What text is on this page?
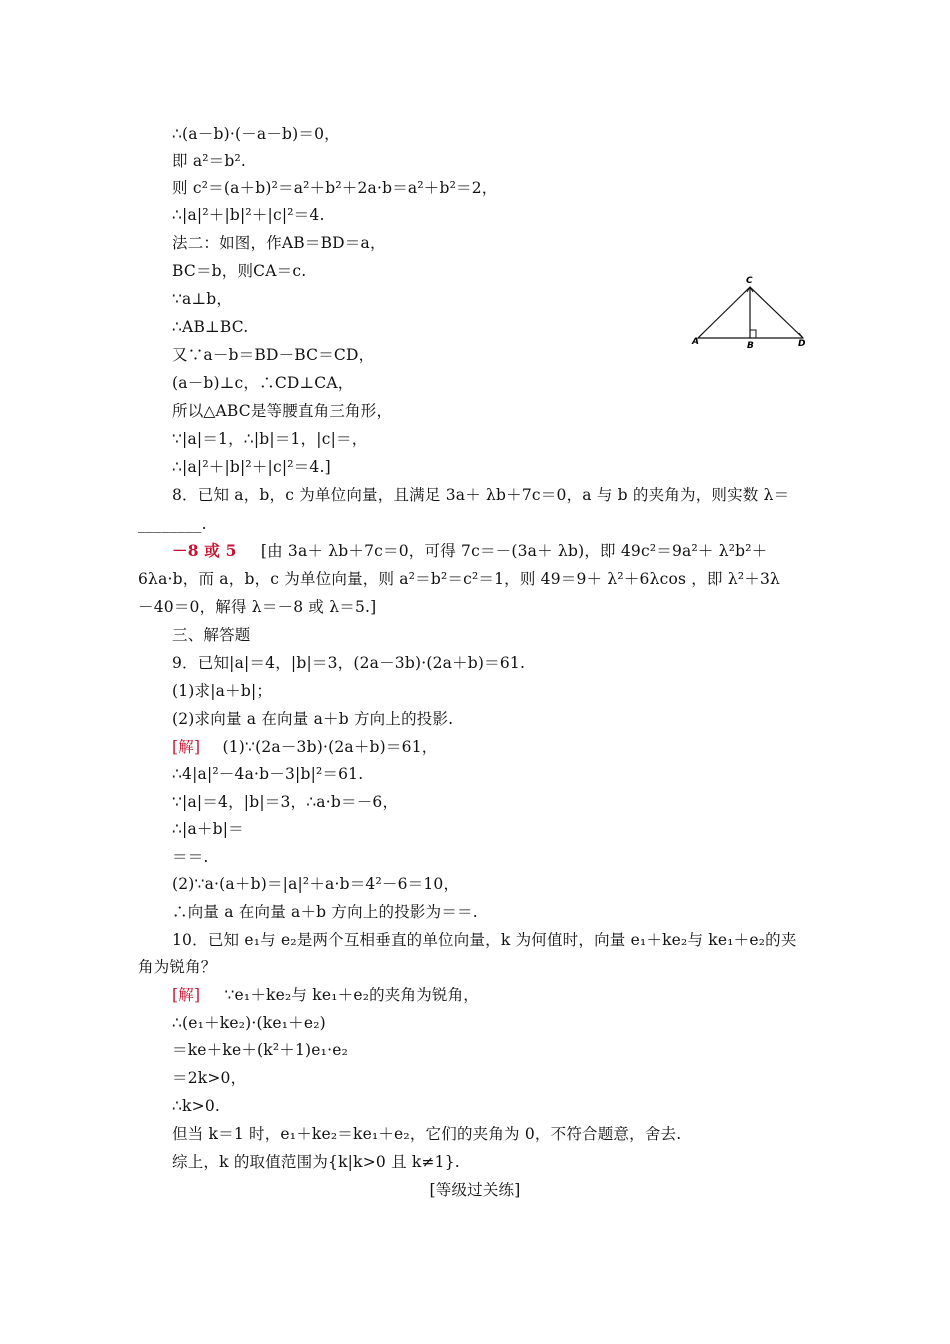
∴(a－b)·(－a－b)＝0，
即 a²＝b².
则 c²＝(a＋b)²＝a²＋b²＋2a·b＝a²＋b²＝2，
∴|a|²＋|b|²＋|c|²＝4.
法二：如图，作AB＝BD＝a，
BC＝b，则CA＝c.
∵a⊥b，
∴AB⊥BC.
又∵a－b＝BD－BC＝CD，
(a－b)⊥c，∴CD⊥CA，
所以△ABC是等腰直角三角形，
∵|a|＝1，∴|b|＝1，|c|＝，
∴|a|²＋|b|²＋|c|²＝4.]
C
A	B	D
8．已知 a，b，c 为单位向量，且满足 3a＋ λb＋7c＝0，a 与 b 的夹角为，则实数 λ＝
________.
－8 或 5 [由 3a＋ λb＋7c＝0，可得 7c＝－(3a＋ λb)，即 49c²＝9a²＋ λ²b²＋
6λa·b，而 a，b，c 为单位向量，则 a²＝b²＝c²＝1，则 49＝9＋ λ²＋6λcos ，即 λ²＋3λ
－40＝0，解得 λ＝－8 或 λ＝5.]
三、解答题
9．已知|a|＝4，|b|＝3，(2a－3b)·(2a＋b)＝61.
(1)求|a＋b|；
(2)求向量 a 在向量 a＋b 方向上的投影.
[解] (1)∵(2a－3b)·(2a＋b)＝61，
∴4|a|²－4a·b－3|b|²＝61.
∵|a|＝4，|b|＝3，∴a·b＝－6，
∴|a＋b|＝
＝＝.
(2)∵a·(a＋b)＝|a|²＋a·b＝4²－6＝10，
∴向量 a 在向量 a＋b 方向上的投影为＝＝.
10．已知 e₁与 e₂是两个互相垂直的单位向量，k 为何值时，向量 e₁＋ke₂与 ke₁＋e₂的夹
角为锐角？
[解] ∵e₁＋ke₂与 ke₁＋e₂的夹角为锐角，
∴(e₁＋ke₂)·(ke₁＋e₂)
＝ke＋ke＋(k²＋1)e₁·e₂
＝2k>0，
∴k>0.
但当 k＝1 时，e₁＋ke₂＝ke₁＋e₂，它们的夹角为 0，不符合题意，舍去.
综上，k 的取值范围为{k|k>0 且 k≠1}.
[等级过关练]
